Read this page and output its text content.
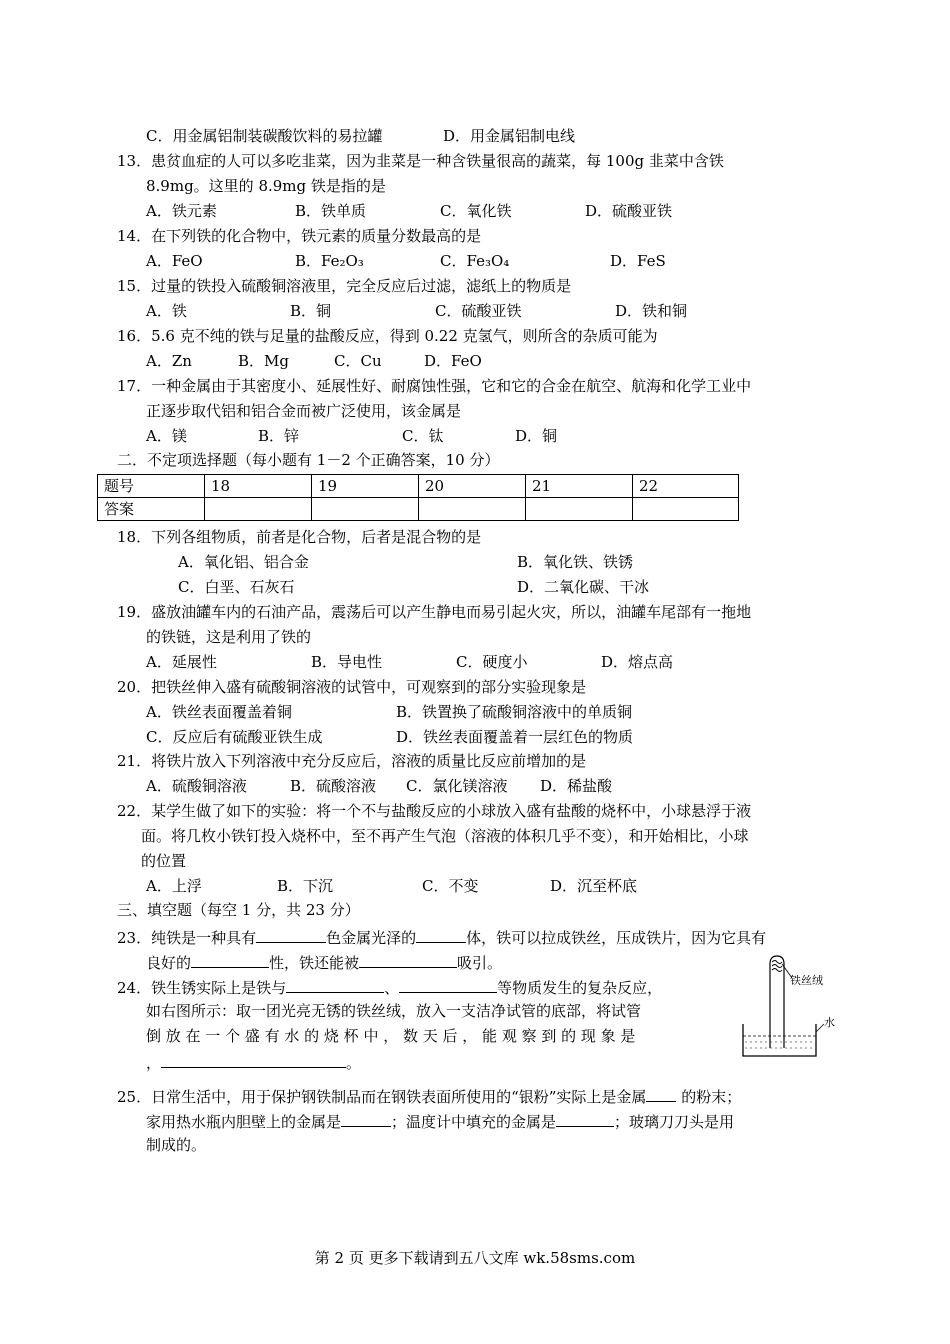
C．用金属铝制装碳酸饮料的易拉罐	D．用金属铝制电线
13．患贫血症的人可以多吃韭菜，因为韭菜是一种含铁量很高的蔬菜，每 100g 韭菜中含铁
8.9mg。这里的 8.9mg 铁是指的是
A．铁元素	B．铁单质	C．氧化铁	D．硫酸亚铁
14．在下列铁的化合物中，铁元素的质量分数最高的是
A．FeO	B．Fe₂O₃	C．Fe₃O₄	D．FeS
15．过量的铁投入硫酸铜溶液里，完全反应后过滤，滤纸上的物质是
A．铁	B．铜	C．硫酸亚铁	D．铁和铜
16．5.6 克不纯的铁与足量的盐酸反应，得到 0.22 克氢气，则所含的杂质可能为
A．Zn	B．Mg	C．Cu	D．FeO
17．一种金属由于其密度小、延展性好、耐腐蚀性强，它和它的合金在航空、航海和化学工业中
正逐步取代铝和铝合金而被广泛使用，该金属是
A．镁	B．锌	C．钛	D．铜
二．不定项选择题（每小题有 1－2 个正确答案，10 分）
题号	18	19	20	21	22
答案					
18．下列各组物质，前者是化合物，后者是混合物的是
A．氧化铝、铝合金	B．氧化铁、铁锈
C．白垩、石灰石	D．二氧化碳、干冰
19．盛放油罐车内的石油产品，震荡后可以产生静电而易引起火灾，所以，油罐车尾部有一拖地
的铁链，这是利用了铁的
A．延展性	B．导电性	C．硬度小	D．熔点高
20．把铁丝伸入盛有硫酸铜溶液的试管中，可观察到的部分实验现象是
A．铁丝表面覆盖着铜	B．铁置换了硫酸铜溶液中的单质铜
C．反应后有硫酸亚铁生成	D．铁丝表面覆盖着一层红色的物质
21．将铁片放入下列溶液中充分反应后，溶液的质量比反应前增加的是
A．硫酸铜溶液	B．硫酸溶液 C．氯化镁溶液 D．稀盐酸
22．某学生做了如下的实验：将一个不与盐酸反应的小球放入盛有盐酸的烧杯中，小球悬浮于液
面。将几枚小铁钉投入烧杯中，至不再产生气泡（溶液的体积几乎不变），和开始相比，小球
的位置
A．上浮	B．下沉	C．不变	D．沉至杯底
三、填空题（每空 1 分，共 23 分）
23．纯铁是一种具有	色金属光泽的	体，铁可以拉成铁丝，压成铁片，因为它具有
良好的	性，铁还能被	吸引。
24．铁生锈实际上是铁与	、	等物质发生的复杂反应，
如右图所示：取一团光亮无锈的铁丝绒，放入一支洁净试管的底部，将试管
倒 放 在 一 个 盛 有 水 的 烧 杯 中 ， 数 天 后 ， 能 观 察 到 的 现 象 是
，	。
铁丝绒
水
25．日常生活中，用于保护钢铁制品而在钢铁表面所使用的“银粉”实际上是金属 的粉末；
家用热水瓶内胆壁上的金属是	；温度计中填充的金属是	；玻璃刀刀头是用
制成的。
第 2 页 更多下载请到五八文库 wk.58sms.com
